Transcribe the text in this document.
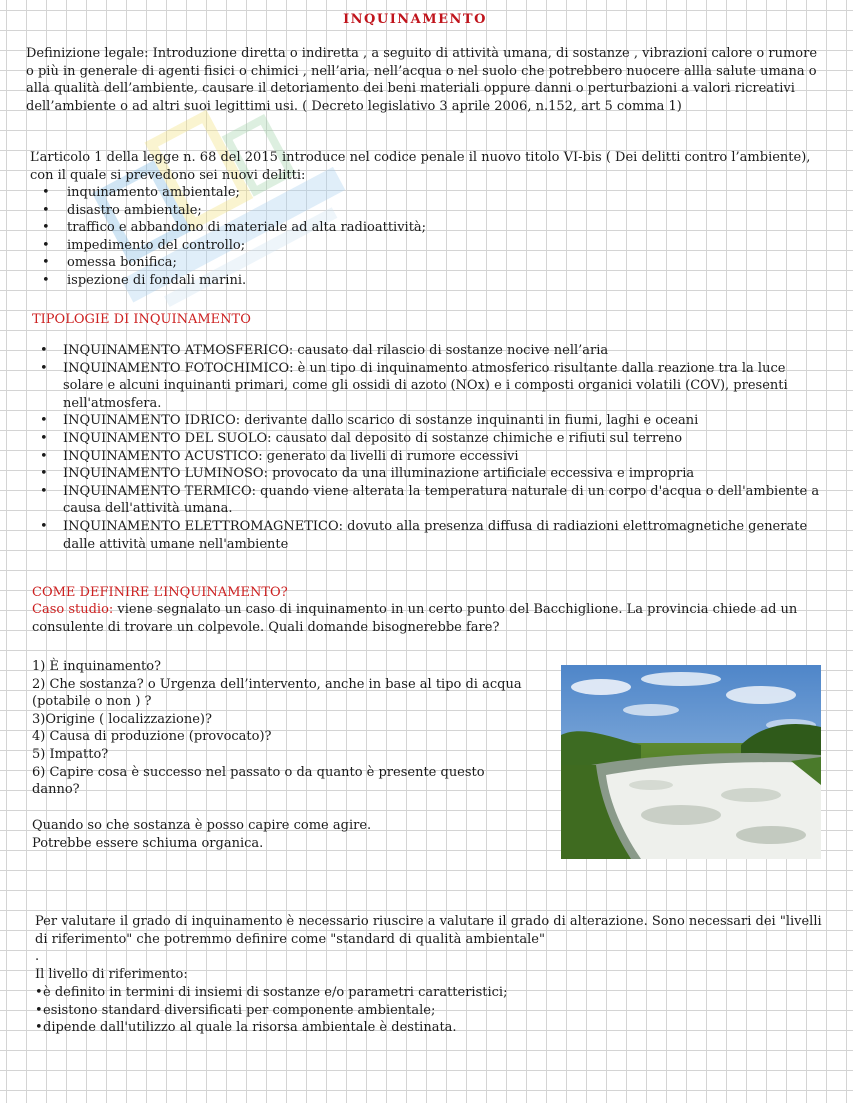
INQUINAMENTO

Definizione legale: Introduzione diretta o indiretta , a seguito di attività umana, di sostanze , vibrazioni calore o rumore o più in generale di agenti fisici o chimici , nell’aria, nell’acqua o nel suolo che potrebbero nuocere allla salute umana o alla qualità dell’ambiente, causare il detoriamento dei beni materiali oppure danni o perturbazioni a valori ricreativi dell’ambiente o ad altri suoi legittimi usi. ( Decreto legislativo 3 aprile 2006, n.152, art 5 comma 1)

L’articolo 1 della legge n. 68 del 2015 introduce nel codice penale il nuovo titolo VI-bis ( Dei delitti contro l’ambiente), con il quale si prevedono sei nuovi delitti:

• inquinamento ambientale;
• disastro ambientale;
• traffico e abbandono di materiale ad alta radioattività;
• impedimento del controllo;
• omessa bonifica;
• ispezione di fondali marini.
TIPOLOGIE DI INQUINAMENTO
• INQUINAMENTO ATMOSFERICO: causato dal rilascio di sostanze nocive nell’aria
• INQUINAMENTO FOTOCHIMICO: è un tipo di inquinamento atmosferico risultante dalla reazione tra la luce solare e alcuni inquinanti primari, come gli ossidi di azoto (NOx) e i composti organici volatili (COV), presenti nell'atmosfera.
• INQUINAMENTO IDRICO: derivante dallo scarico di sostanze inquinanti in fiumi, laghi e oceani
• INQUINAMENTO DEL SUOLO: causato dal deposito di sostanze chimiche e rifiuti sul terreno
• INQUINAMENTO ACUSTICO: generato da livelli di rumore eccessivi
• INQUINAMENTO LUMINOSO: provocato da una illuminazione artificiale eccessiva e impropria
• INQUINAMENTO TERMICO: quando viene alterata la temperatura naturale di un corpo d'acqua o dell'ambiente a causa dell'attività umana.
• INQUINAMENTO ELETTROMAGNETICO: dovuto alla presenza diffusa di radiazioni elettromagnetiche generate dalle attività umane nell'ambiente
COME DEFINIRE L’INQUINAMENTO?

Caso studio: viene segnalato un caso di inquinamento in un certo punto del Bacchiglione. La provincia chiede ad un consulente di trovare un colpevole. Quali domande bisognerebbe fare?

1) È inquinamento?
2) Che sostanza? o Urgenza dell’intervento, anche in base al tipo di acqua (potabile o non ) ?
3)Origine ( localizzazione)?
4) Causa di produzione (provocato)?
5) Impatto?
6) Capire cosa è successo nel passato o da quanto è presente questo danno?
Quando so che sostanza è posso capire come agire.
Potrebbe essere schiuma organica.

Per valutare il grado di inquinamento è necessario riuscire a valutare il grado di alterazione. Sono necessari dei "livelli di riferimento" che potremmo definire come "standard di qualità ambientale"

.
Il livello di riferimento:
• è definito in termini di insiemi di sostanze e/o parametri caratteristici;
• esistono standard diversificati per componente ambientale;
• dipende dall'utilizzo al quale la risorsa ambientale è destinata.
